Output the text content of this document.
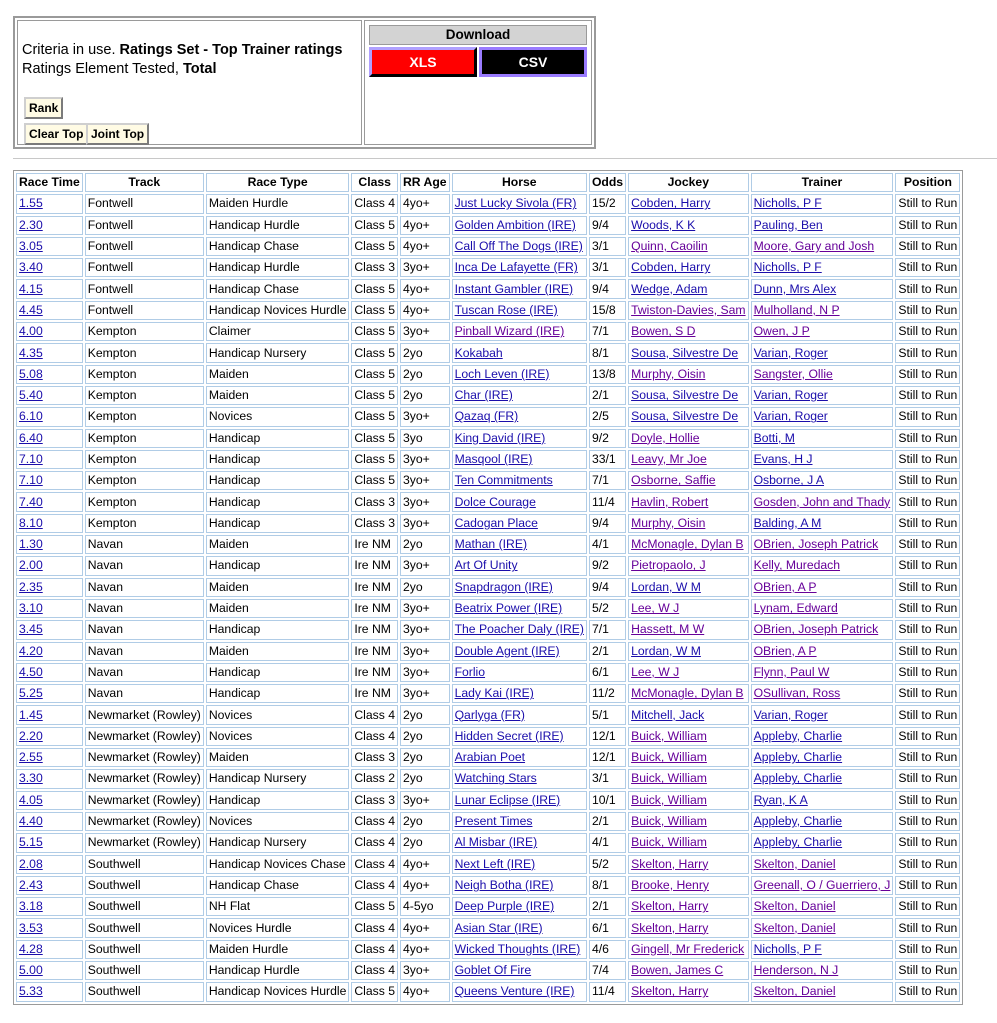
Criteria in use. Ratings Set - Top Trainer ratings
Ratings Element Tested, Total
Rank
Clear Top Joint Top
Download
XLS	CSV
Race Time	Track	Race Type	Class	RR Age	Horse	Odds	Jockey	Trainer	Position
1.55	Fontwell	Maiden Hurdle	Class 4	4yo+	Just Lucky Sivola (FR)	15/2	Cobden, Harry	Nicholls, P F	Still to Run
2.30	Fontwell	Handicap Hurdle	Class 5	4yo+	Golden Ambition (IRE)	9/4	Woods, K K	Pauling, Ben	Still to Run
3.05	Fontwell	Handicap Chase	Class 5	4yo+	Call Off The Dogs (IRE)	3/1	Quinn, Caoilin	Moore, Gary and Josh	Still to Run
3.40	Fontwell	Handicap Hurdle	Class 3	3yo+	Inca De Lafayette (FR)	3/1	Cobden, Harry	Nicholls, P F	Still to Run
4.15	Fontwell	Handicap Chase	Class 5	4yo+	Instant Gambler (IRE)	9/4	Wedge, Adam	Dunn, Mrs Alex	Still to Run
4.45	Fontwell	Handicap Novices Hurdle	Class 5	4yo+	Tuscan Rose (IRE)	15/8	Twiston-Davies, Sam	Mulholland, N P	Still to Run
4.00	Kempton	Claimer	Class 5	3yo+	Pinball Wizard (IRE)	7/1	Bowen, S D	Owen, J P	Still to Run
4.35	Kempton	Handicap Nursery	Class 5	2yo	Kokabah	8/1	Sousa, Silvestre De	Varian, Roger	Still to Run
5.08	Kempton	Maiden	Class 5	2yo	Loch Leven (IRE)	13/8	Murphy, Oisin	Sangster, Ollie	Still to Run
5.40	Kempton	Maiden	Class 5	2yo	Char (IRE)	2/1	Sousa, Silvestre De	Varian, Roger	Still to Run
6.10	Kempton	Novices	Class 5	3yo+	Qazaq (FR)	2/5	Sousa, Silvestre De	Varian, Roger	Still to Run
6.40	Kempton	Handicap	Class 5	3yo	King David (IRE)	9/2	Doyle, Hollie	Botti, M	Still to Run
7.10	Kempton	Handicap	Class 5	3yo+	Masqool (IRE)	33/1	Leavy, Mr Joe	Evans, H J	Still to Run
7.10	Kempton	Handicap	Class 5	3yo+	Ten Commitments	7/1	Osborne, Saffie	Osborne, J A	Still to Run
7.40	Kempton	Handicap	Class 3	3yo+	Dolce Courage	11/4	Havlin, Robert	Gosden, John and Thady	Still to Run
8.10	Kempton	Handicap	Class 3	3yo+	Cadogan Place	9/4	Murphy, Oisin	Balding, A M	Still to Run
1.30	Navan	Maiden	Ire NM	2yo	Mathan (IRE)	4/1	McMonagle, Dylan B	OBrien, Joseph Patrick	Still to Run
2.00	Navan	Handicap	Ire NM	3yo+	Art Of Unity	9/2	Pietropaolo, J	Kelly, Muredach	Still to Run
2.35	Navan	Maiden	Ire NM	2yo	Snapdragon (IRE)	9/4	Lordan, W M	OBrien, A P	Still to Run
3.10	Navan	Maiden	Ire NM	3yo+	Beatrix Power (IRE)	5/2	Lee, W J	Lynam, Edward	Still to Run
3.45	Navan	Handicap	Ire NM	3yo+	The Poacher Daly (IRE)	7/1	Hassett, M W	OBrien, Joseph Patrick	Still to Run
4.20	Navan	Maiden	Ire NM	3yo+	Double Agent (IRE)	2/1	Lordan, W M	OBrien, A P	Still to Run
4.50	Navan	Handicap	Ire NM	3yo+	Forlio	6/1	Lee, W J	Flynn, Paul W	Still to Run
5.25	Navan	Handicap	Ire NM	3yo+	Lady Kai (IRE)	11/2	McMonagle, Dylan B	OSullivan, Ross	Still to Run
1.45	Newmarket (Rowley)	Novices	Class 4	2yo	Qarlyga (FR)	5/1	Mitchell, Jack	Varian, Roger	Still to Run
2.20	Newmarket (Rowley)	Novices	Class 4	2yo	Hidden Secret (IRE)	12/1	Buick, William	Appleby, Charlie	Still to Run
2.55	Newmarket (Rowley)	Maiden	Class 3	2yo	Arabian Poet	12/1	Buick, William	Appleby, Charlie	Still to Run
3.30	Newmarket (Rowley)	Handicap Nursery	Class 2	2yo	Watching Stars	3/1	Buick, William	Appleby, Charlie	Still to Run
4.05	Newmarket (Rowley)	Handicap	Class 3	3yo+	Lunar Eclipse (IRE)	10/1	Buick, William	Ryan, K A	Still to Run
4.40	Newmarket (Rowley)	Novices	Class 4	2yo	Present Times	2/1	Buick, William	Appleby, Charlie	Still to Run
5.15	Newmarket (Rowley)	Handicap Nursery	Class 4	2yo	Al Misbar (IRE)	4/1	Buick, William	Appleby, Charlie	Still to Run
2.08	Southwell	Handicap Novices Chase	Class 4	4yo+	Next Left (IRE)	5/2	Skelton, Harry	Skelton, Daniel	Still to Run
2.43	Southwell	Handicap Chase	Class 4	4yo+	Neigh Botha (IRE)	8/1	Brooke, Henry	Greenall, O / Guerriero, J	Still to Run
3.18	Southwell	NH Flat	Class 5	4-5yo	Deep Purple (IRE)	2/1	Skelton, Harry	Skelton, Daniel	Still to Run
3.53	Southwell	Novices Hurdle	Class 4	4yo+	Asian Star (IRE)	6/1	Skelton, Harry	Skelton, Daniel	Still to Run
4.28	Southwell	Maiden Hurdle	Class 4	4yo+	Wicked Thoughts (IRE)	4/6	Gingell, Mr Frederick	Nicholls, P F	Still to Run
5.00	Southwell	Handicap Hurdle	Class 4	3yo+	Goblet Of Fire	7/4	Bowen, James C	Henderson, N J	Still to Run
5.33	Southwell	Handicap Novices Hurdle	Class 5	4yo+	Queens Venture (IRE)	11/4	Skelton, Harry	Skelton, Daniel	Still to Run
